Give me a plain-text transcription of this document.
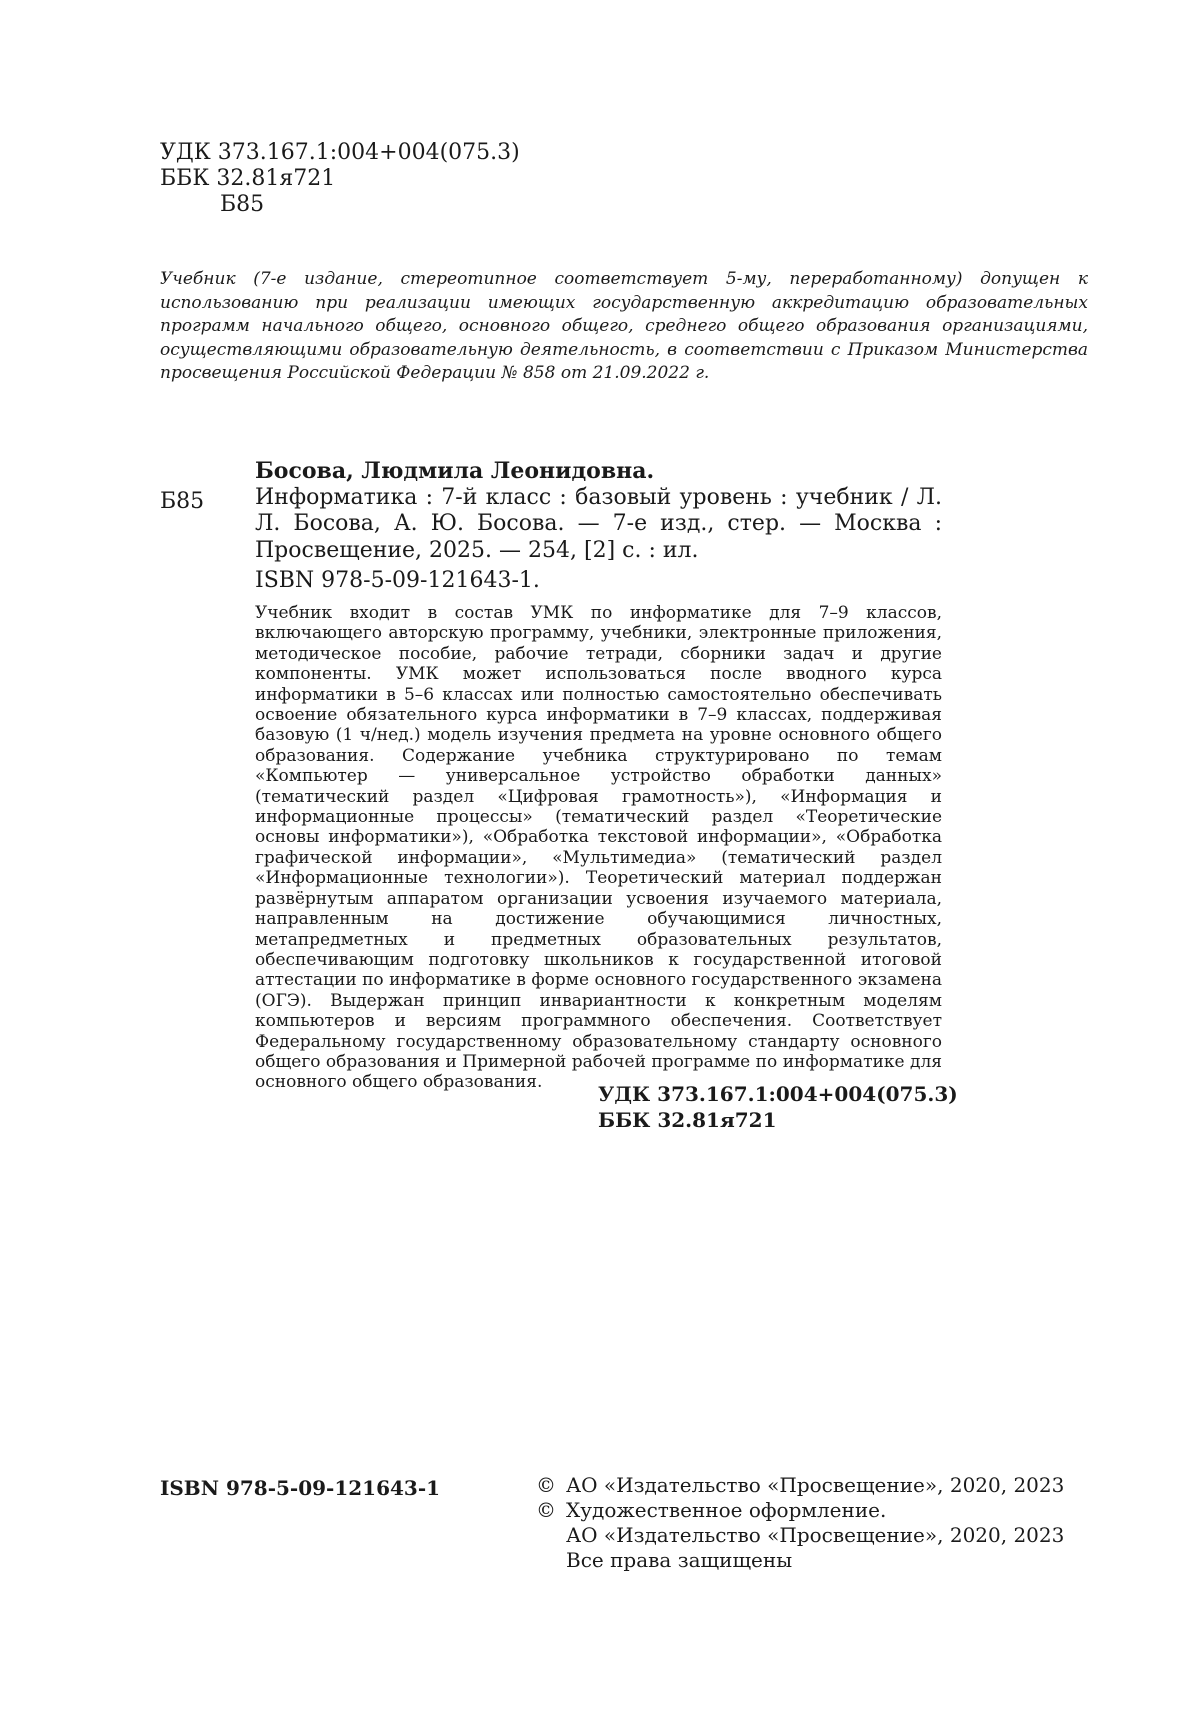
УДК 373.167.1:004+004(075.3)
ББК 32.81я721
Б85
Учебник (7-е издание, стереотипное соответствует 5-му, переработанному) допущен к использованию при реализации имеющих государственную аккредитацию образовательных программ начального общего, основного общего, среднего общего образования организациями, осуществляющими образовательную деятельность, в соответствии с Приказом Министерства просвещения Российской Федерации № 858 от 21.09.2022 г.
Б85
Босова, Людмила Леонидовна.
Информатика : 7-й класс : базовый уровень : учебник / Л. Л. Босова, А. Ю. Босова. — 7-е изд., стер. — Москва : Просвещение, 2025. — 254, [2] с. : ил.
ISBN 978-5-09-121643-1.

Учебник входит в состав УМК по информатике для 7–9 классов, включающего авторскую программу, учебники, электронные приложения, методическое пособие, рабочие тетради, сборники задач и другие компоненты. УМК может использоваться после вводного курса информатики в 5–6 классах или полностью самостоятельно обеспечивать освоение обязательного курса информатики в 7–9 классах, поддерживая базовую (1 ч/нед.) модель изучения предмета на уровне основного общего образования. Содержание учебника структурировано по темам «Компьютер — универсальное устройство обработки данных» (тематический раздел «Цифровая грамотность»), «Информация и информационные процессы» (тематический раздел «Теоретические основы информатики»), «Обработка текстовой информации», «Обработка графической информации», «Мультимедиа» (тематический раздел «Информационные технологии»). Теоретический материал поддержан развёрнутым аппаратом организации усвоения изучаемого материала, направленным на достижение обучающимися личностных, метапредметных и предметных образовательных результатов, обеспечивающим подготовку школьников к государственной итоговой аттестации по информатике в форме основного государственного экзамена (ОГЭ). Выдержан принцип инвариантности к конкретным моделям компьютеров и версиям программного обеспечения. Соответствует Федеральному государственному образовательному стандарту основного общего образования и Примерной рабочей программе по информатике для основного общего образования.	УДК 373.167.1:004+004(075.3)
ББК 32.81я721
ISBN 978-5-09-121643-1	© АО «Издательство «Просвещение», 2020, 2023
© Художественное оформление.
АО «Издательство «Просвещение», 2020, 2023
Все права защищены
